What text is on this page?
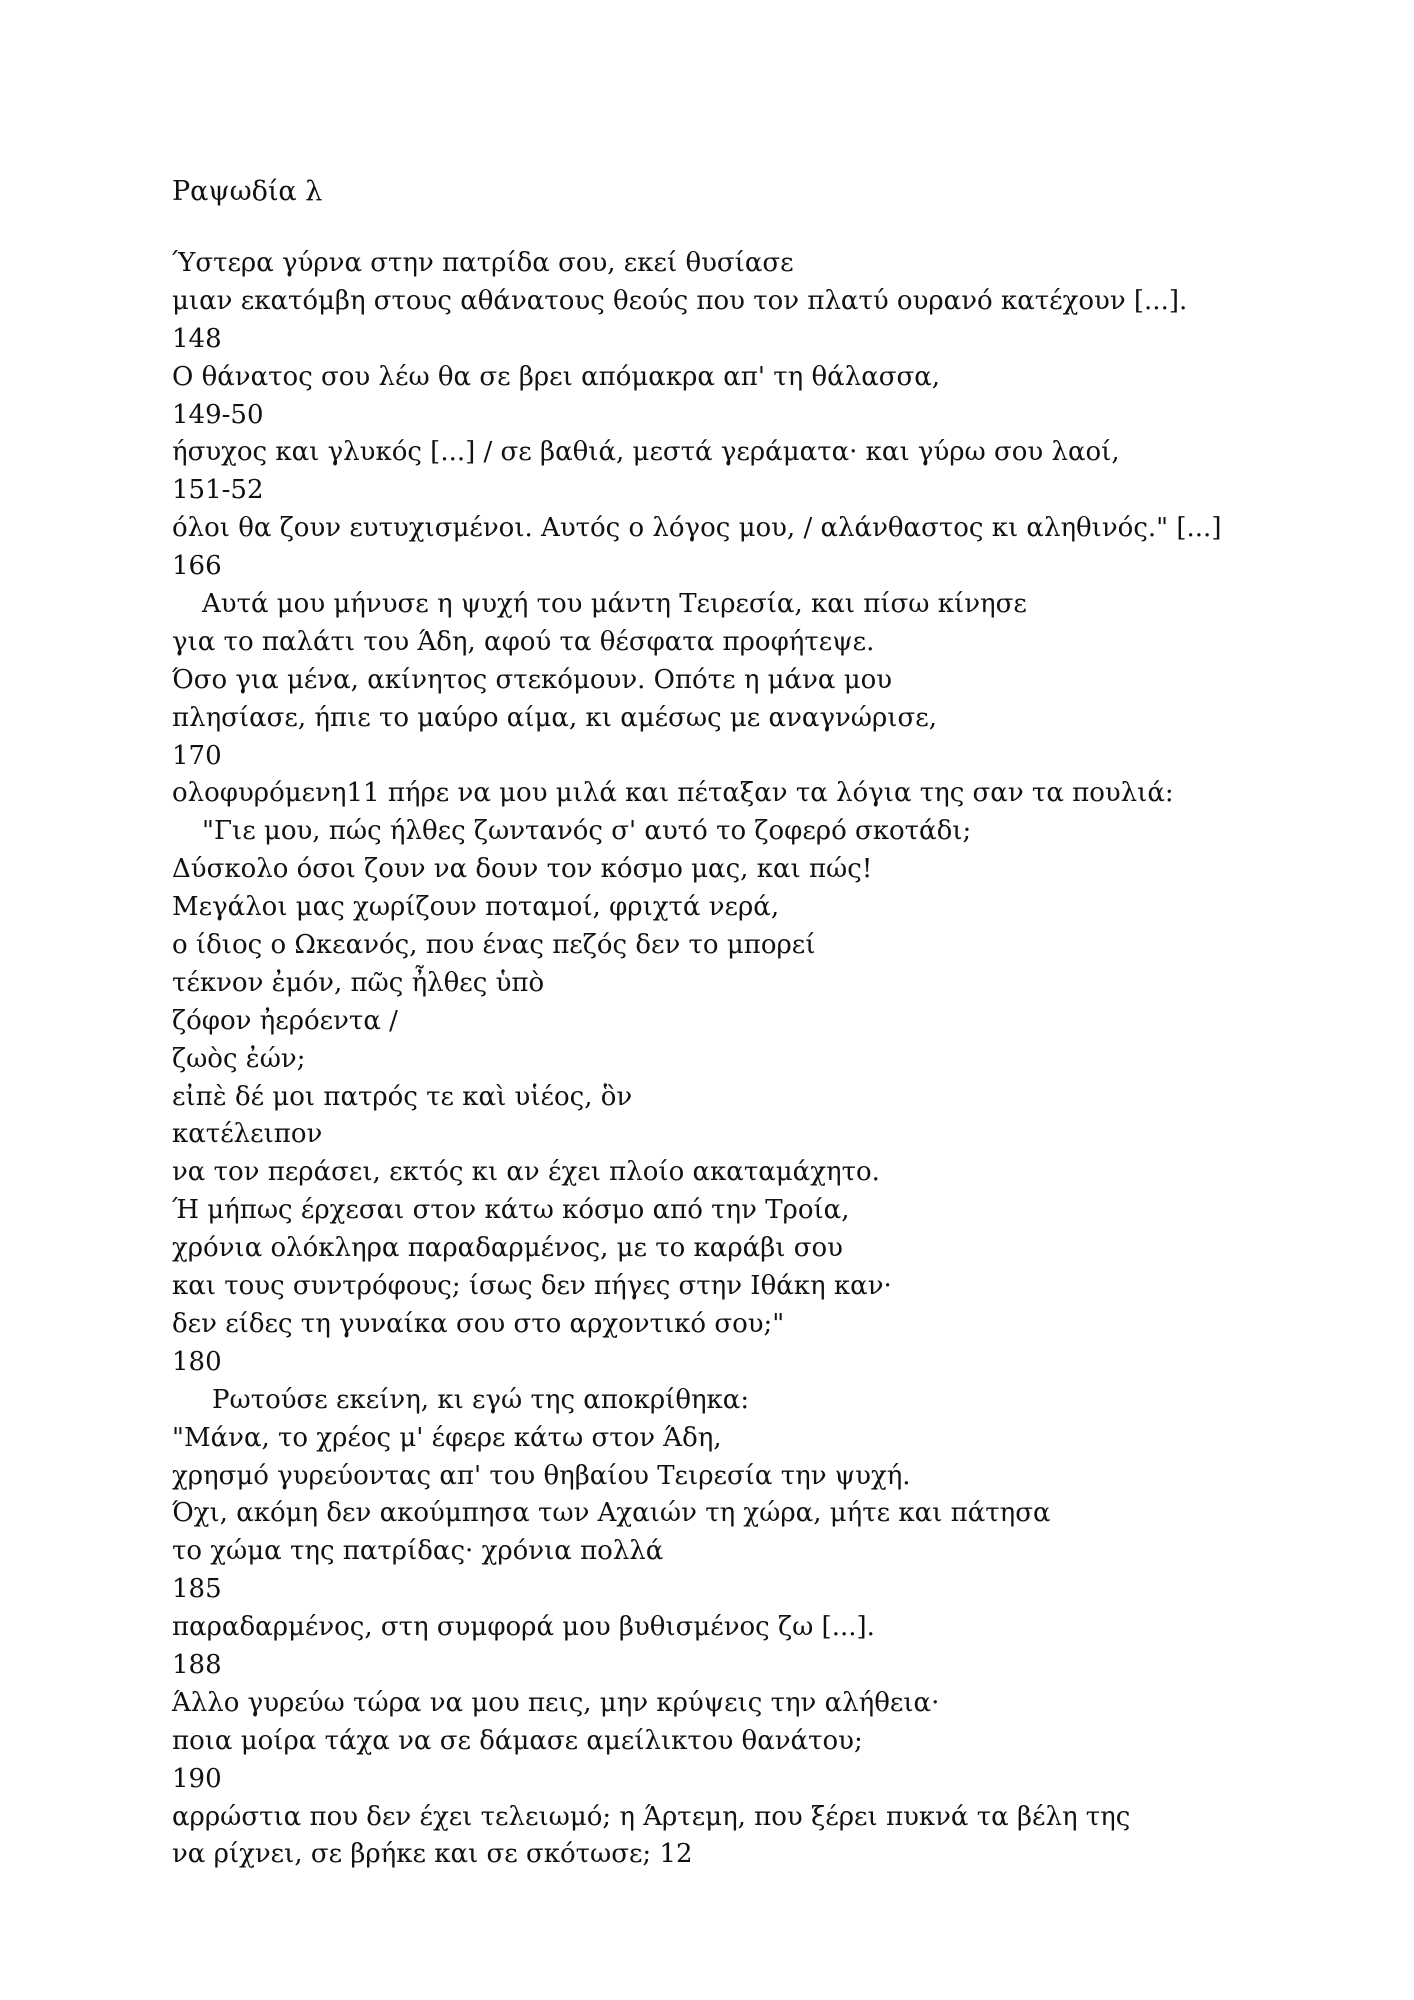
Ραψωδία λ
Ύστερα γύρνα στην πατρίδα σου, εκεί θυσίασε
μιαν εκατόμβη στους αθάνατους θεούς που τον πλατύ ουρανό κατέχουν [...].
148
Ο θάνατος σου λέω θα σε βρει απόμακρα απ' τη θάλασσα,
149-50
ήσυχος και γλυκός [...] / σε βαθιά, μεστά γεράματα· και γύρω σου λαοί,
151-52
όλοι θα ζουν ευτυχισμένοι. Αυτός ο λόγος μου, / αλάνθαστος κι αληθινός." [...]
166
Αυτά μου μήνυσε η ψυχή του μάντη Τειρεσία, και πίσω κίνησε
για το παλάτι του Άδη, αφού τα θέσφατα προφήτεψε.
Όσο για μένα, ακίνητος στεκόμουν. Οπότε η μάνα μου
πλησίασε, ήπιε το μαύρο αίμα, κι αμέσως με αναγνώρισε,
170
ολοφυρόμενη11 πήρε να μου μιλά και πέταξαν τα λόγια της σαν τα πουλιά:
"Γιε μου, πώς ήλθες ζωντανός σ' αυτό το ζοφερό σκοτάδι;
Δύσκολο όσοι ζουν να δουν τον κόσμο μας, και πώς!
Μεγάλοι μας χωρίζουν ποταμοί, φριχτά νερά,
ο ίδιος ο Ωκεανός, που ένας πεζός δεν το μπορεί
τέκνον ἐμόν, πῶς ἦλθες ὑπὸ
ζόφον ἠερόεντα /
ζωὸς ἐών;
εἰπὲ δέ μοι πατρός τε καὶ υἱέος, ὃν
κατέλειπον
να τον περάσει, εκτός κι αν έχει πλοίο ακαταμάχητο.
Ή μήπως έρχεσαι στον κάτω κόσμο από την Τροία,
χρόνια ολόκληρα παραδαρμένος, με το καράβι σου
και τους συντρόφους; ίσως δεν πήγες στην Ιθάκη καν·
δεν είδες τη γυναίκα σου στο αρχοντικό σου;"
180
Ρωτούσε εκείνη, κι εγώ της αποκρίθηκα:
"Μάνα, το χρέος μ' έφερε κάτω στον Άδη,
χρησμό γυρεύοντας απ' του θηβαίου Τειρεσία την ψυχή.
Όχι, ακόμη δεν ακούμπησα των Αχαιών τη χώρα, μήτε και πάτησα
το χώμα της πατρίδας· χρόνια πολλά
185
παραδαρμένος, στη συμφορά μου βυθισμένος ζω [...].
188
Άλλο γυρεύω τώρα να μου πεις, μην κρύψεις την αλήθεια·
ποια μοίρα τάχα να σε δάμασε αμείλικτου θανάτου;
190
αρρώστια που δεν έχει τελειωμό; η Άρτεμη, που ξέρει πυκνά τα βέλη της
να ρίχνει, σε βρήκε και σε σκότωσε; 12
